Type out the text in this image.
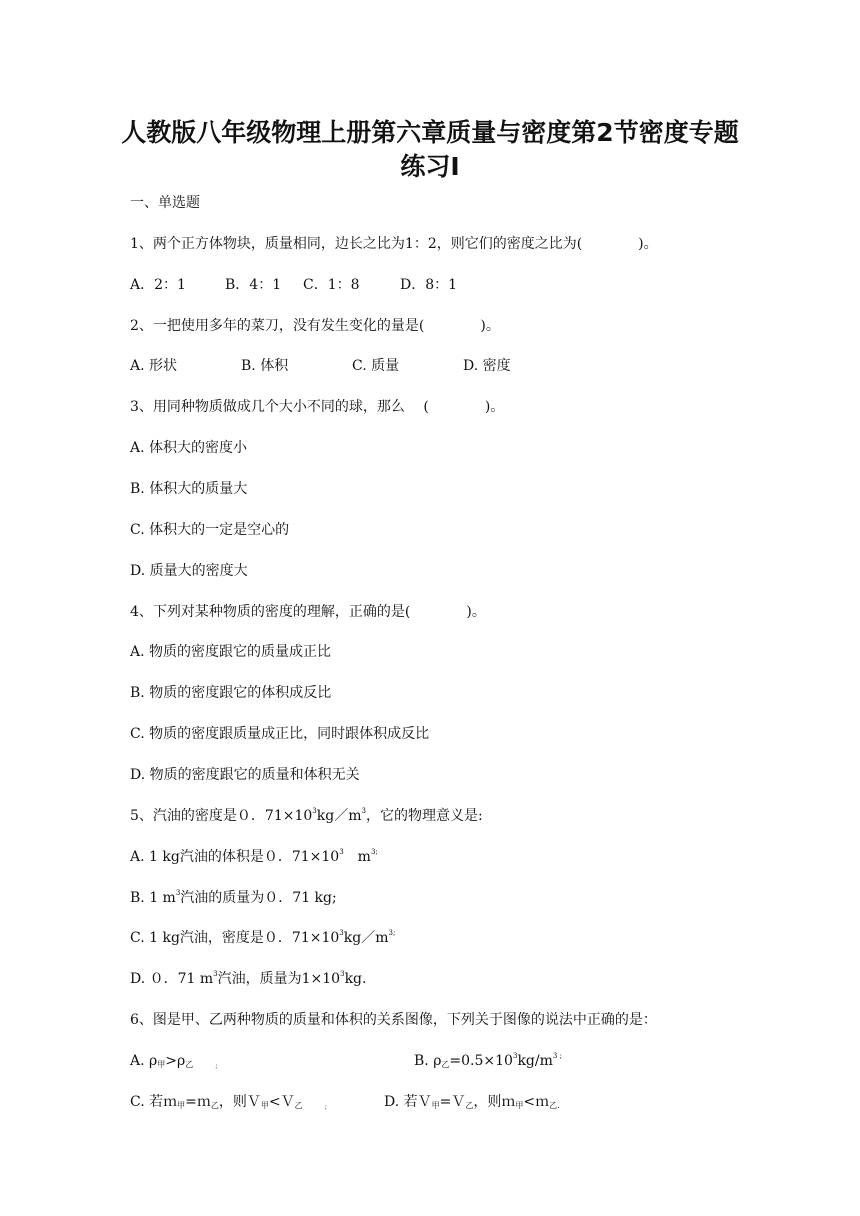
人教版八年级物理上册第六章质量与密度第2节密度专题练习Ⅰ
一、单选题
1、两个正方体物块，质量相同，边长之比为1：2，则它们的密度之比为(　　　　)。
A．2：1	B．4：1 C．1：8	D．8：1
2、一把使用多年的菜刀，没有发生变化的量是(　　　　)。
A. 形状	B. 体积	C. 质量	D. 密度
3、用同种物质做成几个大小不同的球，那么　 (　　　　)。
A. 体积大的密度小
B. 体积大的质量大
C. 体积大的一定是空心的
D. 质量大的密度大
4、下列对某种物质的密度的理解，正确的是(　　　　)。
A. 物质的密度跟它的质量成正比
B. 物质的密度跟它的体积成反比
C. 物质的密度跟质量成正比，同时跟体积成反比
D. 物质的密度跟它的质量和体积无关
5、汽油的密度是０．$71\times 10^3kg/m^3$，它的物理意义是:
A. 1 kg汽油的体积是０．$71\times 10^3$ $m^{3;}$
B. 1 $m^3$汽油的质量为０．71 kg;
C. 1 kg汽油，密度是０．$71\times 10^3kg/m^{3;}$
D. ０．71 $m^3$汽油，质量为$1\times 10^3kg$.
6、图是甲、乙两种物质的质量和体积的关系图像，下列关于图像的说法中正确的是：
A. $\rho_甲>\rho_乙$	$_;$	B. $\rho_乙=0.5\times 10^3kg/m^{3 ;}$
C. 若ｍ$_甲$=ｍ$_乙$，则Ｖ$_甲$<Ｖ$_乙$	$_;$	D. 若Ｖ$_甲$=Ｖ$_乙$，则ｍ$_甲$<ｍ$_{乙.}$
